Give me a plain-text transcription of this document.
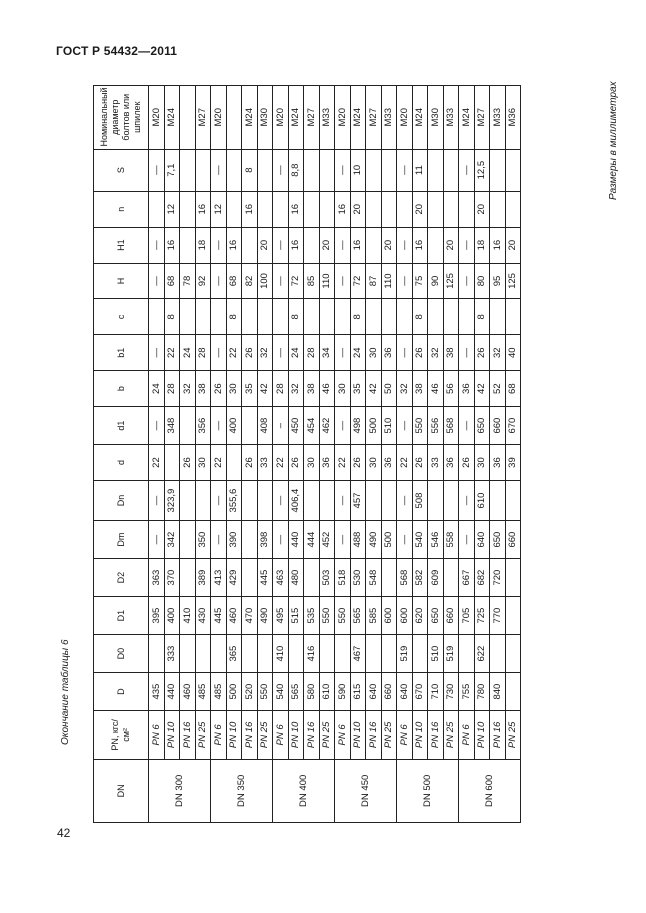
ГОСТ Р 54432—2011
Окончание таблицы 6
Размеры в миллиметрах
42
DN	PN, кгс/см²	D	D0	D1	D2	Dm	Dn	d	d1	b	b1	c	H	H1	n	S	Номинальный диаметр болтов или шпилек
DN 300	PN 6	435		395	363	—	—	22	—	24	—		—	—		—	M20
	PN 10	440	333	400	370	342	323,9		348	28	22	8	68	16	12	7,1	M24
	PN 16	460		410				26		32	24		78				
	PN 25	485		430	389	350		30	356	38	28		92	18	16		M27
DN 350	PN 6	485		445	413	—	—	22	—	26	—		—	—	12	—	M20
	PN 10	500	365	460	429	390	355,6		400	30	22	8	68	16			
	PN 16	520		470				26		35	26		82		16	8	M24
	PN 25	550		490	445	398		33	408	42	32		100	20			M30
DN 400	PN 6	540	410	495	463	—	—	22	–	28	—		—	—		—	M20
	PN 10	565		515	480	440	406,4	26	450	32	24	8	72	16	16	8,8	M24
	PN 16	580	416	535		444		30	454	38	28		85				M27
	PN 25	610		550	503	452		36	462	46	34		110	20			M33
DN 450	PN 6	590		550	518	—	—	22	—	30	—		—	—	16	—	M20
	PN 10	615	467	565	530	488	457	26	498	35	24	8	72	16	20	10	M24
	PN 16	640		585	548	490		30	500	42	30		87				M27
	PN 25	660		600		500		36	510	50	36		110	20			M33
DN 500	PN 6	640	519	600	568	—	—	22	—	32	—		—	—		—	M20
	PN 10	670		620	582	540	508	26	550	38	26	8	75	16	20	11	M24
	PN 16	710	510	650	609	546		33	556	46	32		90				M30
	PN 25	730	519	660		558		36	568	56	38		125	20			M33
DN 600	PN 6	755		705	667	—	—	26	—	36	—		—	—		—	M24
	PN 10	780	622	725	682	640	610	30	650	42	26	8	80	18	20	12,5	M27
	PN 16	840		770	720	650		36	660	52	32		95	16			M33
	PN 25					660		39	670	68	40		125	20			M36
